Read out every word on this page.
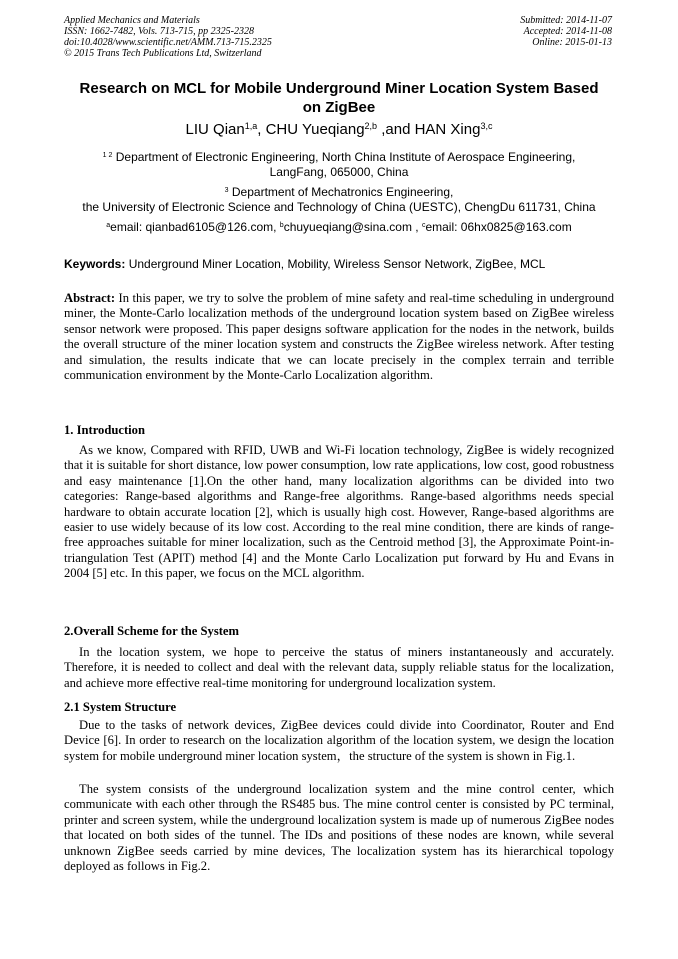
Applied Mechanics and Materials
ISSN: 1662-7482, Vols. 713-715, pp 2325-2328
doi:10.4028/www.scientific.net/AMM.713-715.2325
© 2015 Trans Tech Publications Ltd, Switzerland
Submitted: 2014-11-07
Accepted: 2014-11-08
Online: 2015-01-13
Research on MCL for Mobile Underground Miner Location System Based
on ZigBee
LIU Qian$^{1,a}$, CHU Yueqiang$^{2,b}$ ,and HAN Xing$^{3,c}$
$^{1 2}$ Department of Electronic Engineering, North China Institute of Aerospace Engineering,
LangFang, 065000, China
$^3$ Department of Mechatronics Engineering,
the University of Electronic Science and Technology of China (UESTC), ChengDu 611731, China
$^a$email: qianbad6105@126.com, $^b$chuyueqiang@sina.com , $^c$email: 06hx0825@163.com
Keywords: Underground Miner Location, Mobility, Wireless Sensor Network, ZigBee, MCL
Abstract: In this paper, we try to solve the problem of mine safety and real-time scheduling in underground miner, the Monte-Carlo localization methods of the underground location system based on ZigBee wireless sensor network were proposed. This paper designs software application for the nodes in the network, builds the overall structure of the miner location system and constructs the ZigBee wireless network. After testing and simulation, the results indicate that we can locate precisely in the complex terrain and terrible communication environment by the Monte-Carlo Localization algorithm.
1. Introduction
As we know, Compared with RFID, UWB and Wi-Fi location technology, ZigBee is widely recognized that it is suitable for short distance, low power consumption, low rate applications, low cost, good robustness and easy maintenance [1].On the other hand, many localization algorithms can be divided into two categories: Range-based algorithms and Range-free algorithms. Range-based algorithms needs special hardware to obtain accurate location [2], which is usually high cost. However, Range-based algorithms are easier to use widely because of its low cost. According to the real mine condition, there are kinds of range-free approaches suitable for miner localization, such as the Centroid method [3], the Approximate Point-in-triangulation Test (APIT) method [4] and the Monte Carlo Localization put forward by Hu and Evans in 2004 [5] etc. In this paper, we focus on the MCL algorithm.
2.Overall Scheme for the System
In the location system, we hope to perceive the status of miners instantaneously and accurately. Therefore, it is needed to collect and deal with the relevant data, supply reliable status for the localization, and achieve more effective real-time monitoring for underground localization system.
2.1 System Structure
Due to the tasks of network devices, ZigBee devices could divide into Coordinator, Router and End Device [6]. In order to research on the localization algorithm of the location system, we design the location system for mobile underground miner location system，the structure of the system is shown in Fig.1.
The system consists of the underground localization system and the mine control center, which communicate with each other through the RS485 bus. The mine control center is consisted by PC terminal, printer and screen system, while the underground localization system is made up of numerous ZigBee nodes that located on both sides of the tunnel. The IDs and positions of these nodes are known, while several unknown ZigBee seeds carried by mine devices, The localization system has its hierarchical topology deployed as follows in Fig.2.
